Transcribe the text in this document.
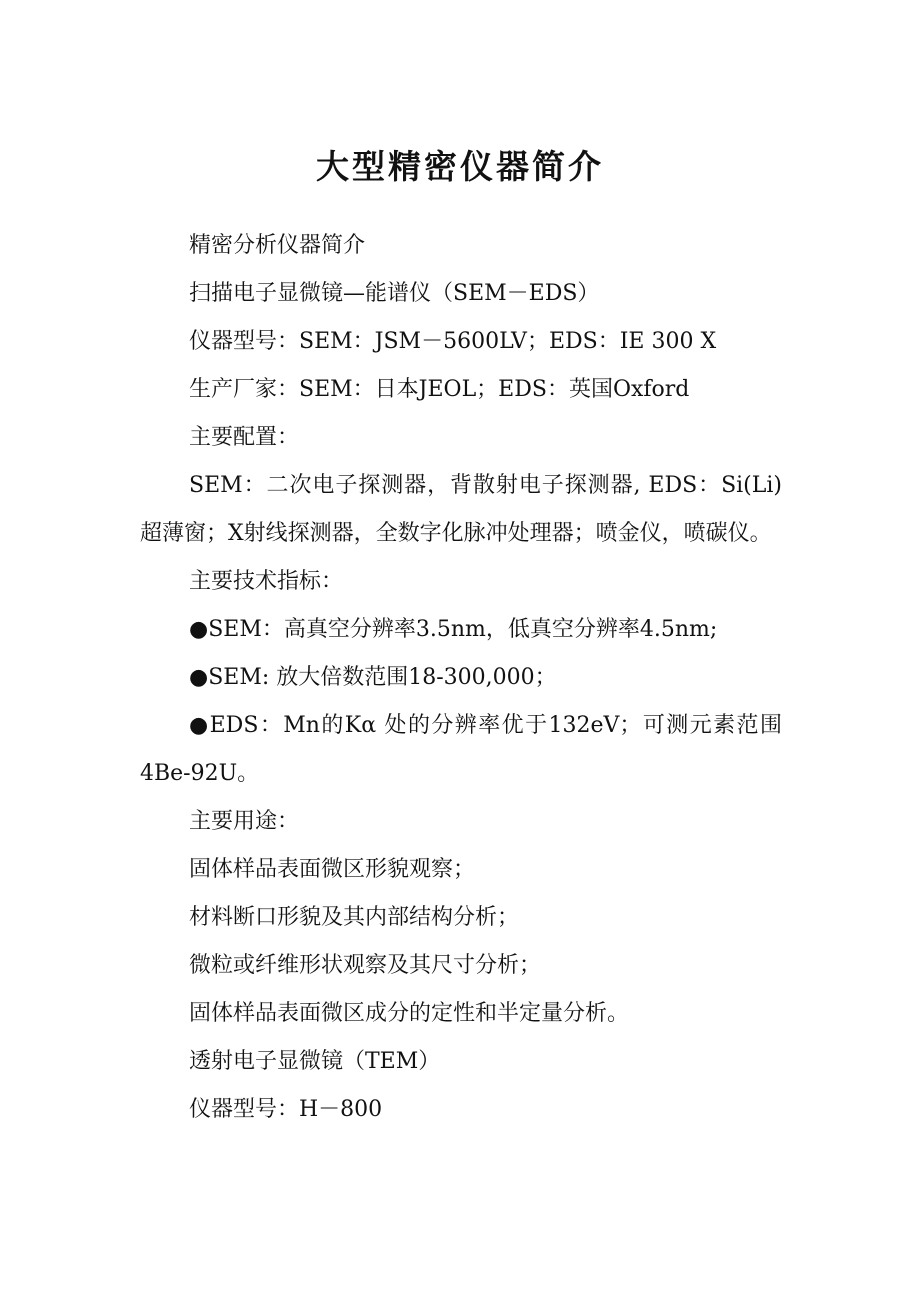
大型精密仪器简介

精密分析仪器简介

扫描电子显微镜—能谱仪（SEM－EDS）

仪器型号：SEM：JSM－5600LV；EDS：IE 300 X

生产厂家：SEM：日本JEOL；EDS：英国Oxford

主要配置：

SEM：二次电子探测器，背散射电子探测器, EDS：Si(Li)超薄窗；X射线探测器，全数字化脉冲处理器；喷金仪，喷碳仪。

主要技术指标：

●SEM：高真空分辨率3.5nm，低真空分辨率4.5nm;

●SEM: 放大倍数范围18-300,000；

●EDS：Mn的Kα 处的分辨率优于132eV；可测元素范围4Be-92U。

主要用途：

固体样品表面微区形貌观察；

材料断口形貌及其内部结构分析；

微粒或纤维形状观察及其尺寸分析；

固体样品表面微区成分的定性和半定量分析。

透射电子显微镜（TEM）

仪器型号：H－800
